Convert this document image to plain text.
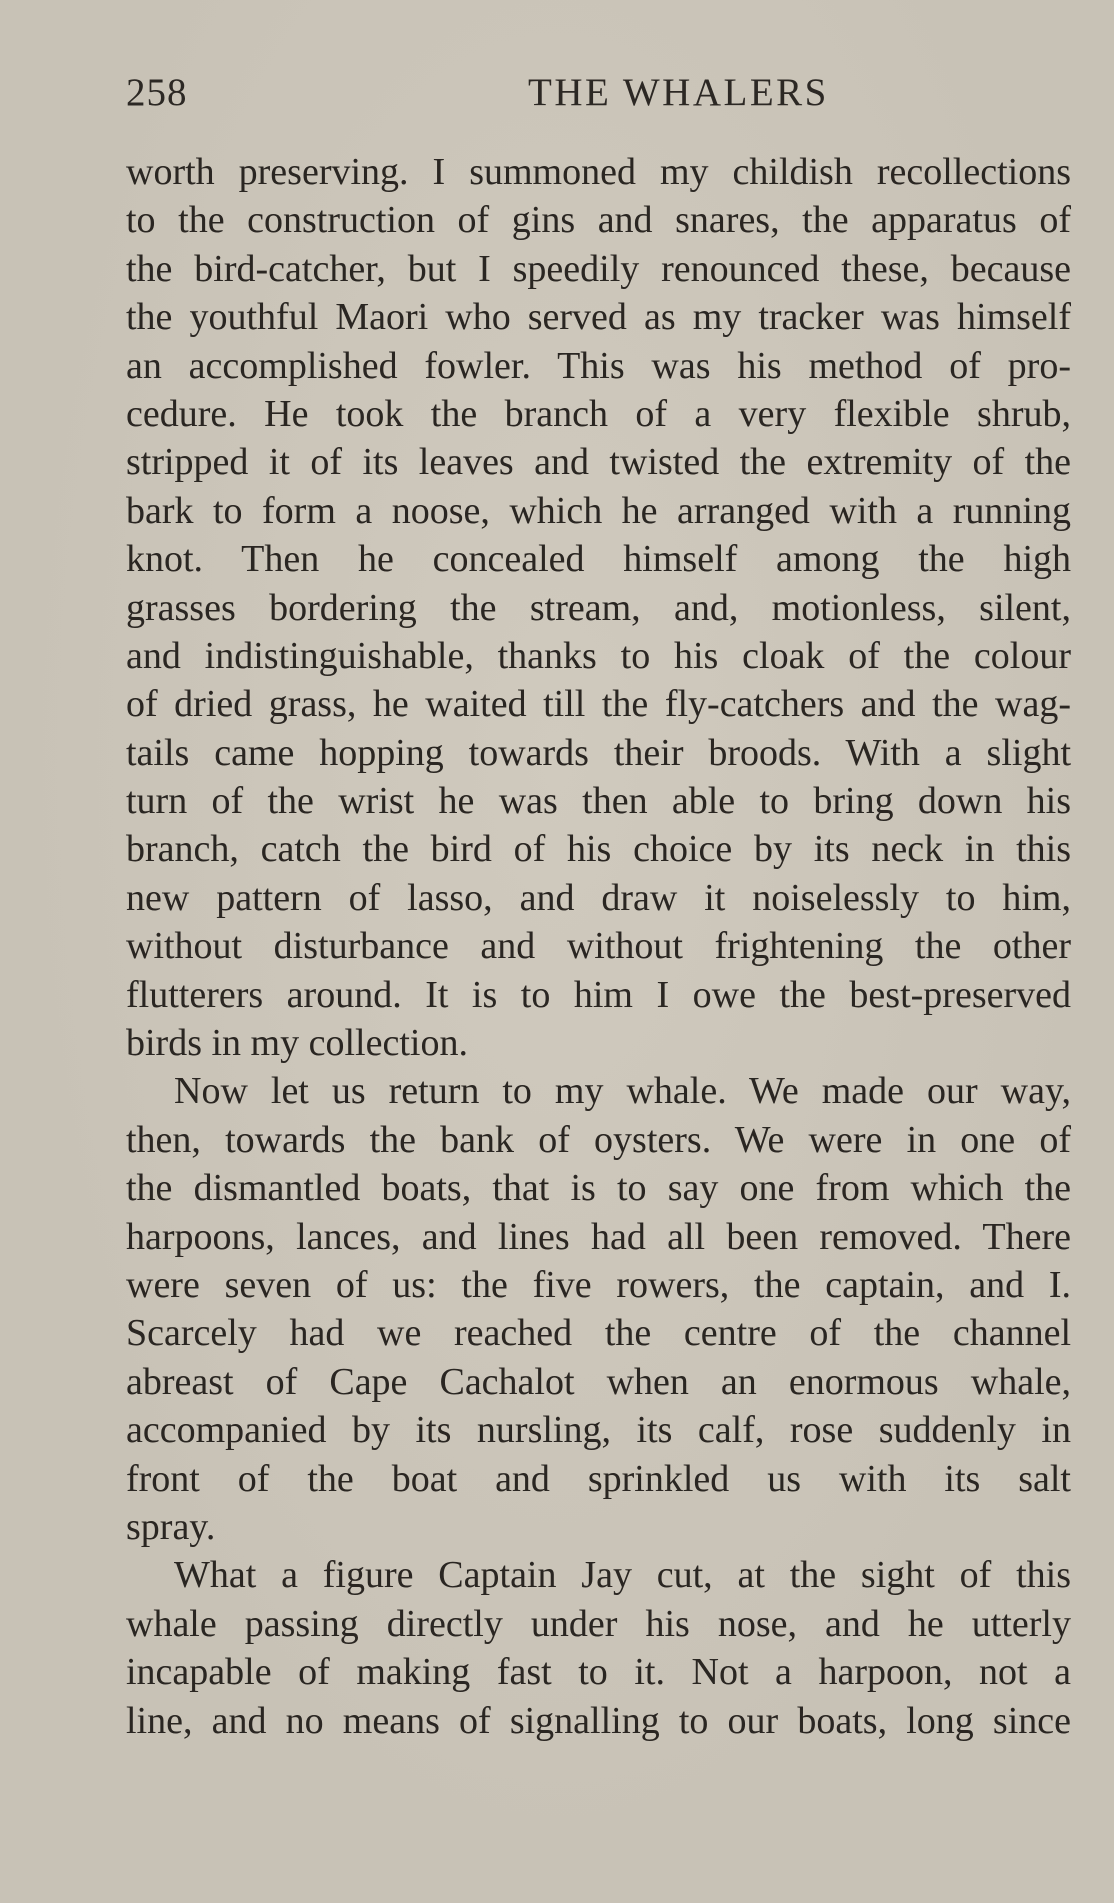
258	THE WHALERS
worth preserving. I summoned my childish recollections
to the construction of gins and snares, the apparatus of
the bird-catcher, but I speedily renounced these, because
the youthful Maori who served as my tracker was himself
an accomplished fowler. This was his method of pro-
cedure. He took the branch of a very flexible shrub,
stripped it of its leaves and twisted the extremity of the
bark to form a noose, which he arranged with a running
knot. Then he concealed himself among the high
grasses bordering the stream, and, motionless, silent,
and indistinguishable, thanks to his cloak of the colour
of dried grass, he waited till the fly-catchers and the wag-
tails came hopping towards their broods. With a slight
turn of the wrist he was then able to bring down his
branch, catch the bird of his choice by its neck in this
new pattern of lasso, and draw it noiselessly to him,
without disturbance and without frightening the other
flutterers around. It is to him I owe the best-preserved
birds in my collection.
Now let us return to my whale. We made our way,
then, towards the bank of oysters. We were in one of
the dismantled boats, that is to say one from which the
harpoons, lances, and lines had all been removed. There
were seven of us: the five rowers, the captain, and I.
Scarcely had we reached the centre of the channel
abreast of Cape Cachalot when an enormous whale,
accompanied by its nursling, its calf, rose suddenly in
front of the boat and sprinkled us with its salt
spray.
What a figure Captain Jay cut, at the sight of this
whale passing directly under his nose, and he utterly
incapable of making fast to it. Not a harpoon, not a
line, and no means of signalling to our boats, long since
